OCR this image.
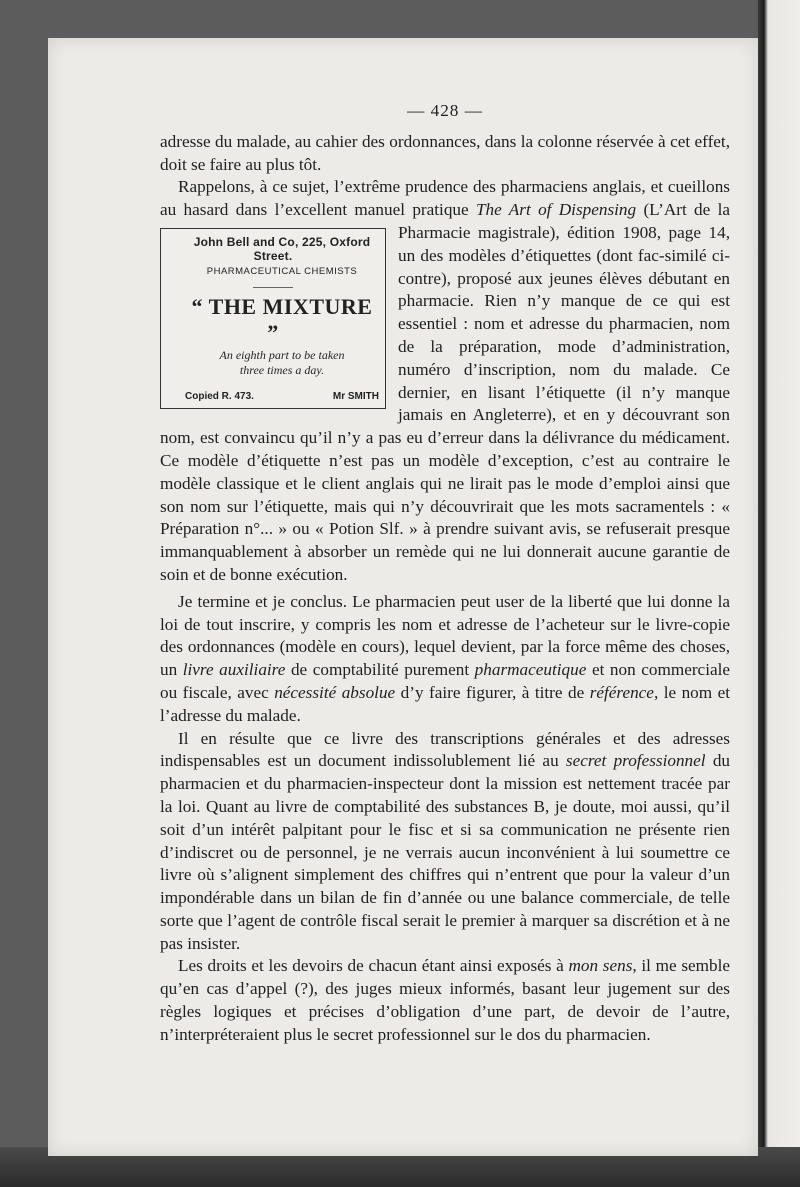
— 428 —

adresse du malade, au cahier des ordonnances, dans la colonne réservée à cet effet, doit se faire au plus tôt.

Rappelons, à ce sujet, l’extrême prudence des pharmaciens anglais, et cueillons au hasard dans l’excellent manuel pratique The Art of Dispensing
John Bell and Co, 225, Oxford Street.
PHARMACEUTICAL CHEMISTS
“ THE MIXTURE ”
An eighth part to be taken
three times a day.
Copied R. 473.	Mr SMITH
(L’Art de la Pharmacie magistrale), édition 1908, page 14, un des modèles d’étiquettes (dont fac-similé ci-contre), proposé aux jeunes élèves débutant en pharmacie. Rien n’y manque de ce qui est essentiel : nom et adresse du pharmacien, nom de la préparation, mode d’administration, numéro d’inscription, nom du malade. Ce dernier, en lisant l’étiquette (il n’y manque jamais en Angleterre), et en y découvrant son nom, est convaincu qu’il n’y a pas eu d’erreur dans la délivrance du médicament. Ce modèle d’étiquette n’est pas un modèle d’exception, c’est au contraire le modèle classique et le client anglais qui ne lirait pas le mode d’emploi ainsi que son nom sur l’étiquette, mais qui n’y découvrirait que les mots sacramentels : « Préparation n°... » ou « Potion Slf. » à prendre suivant avis, se refuserait presque immanquablement à absorber un remède qui ne lui donnerait aucune garantie de soin et de bonne exécution.

Je termine et je conclus. Le pharmacien peut user de la liberté que lui donne la loi de tout inscrire, y compris les nom et adresse de l’acheteur sur le livre-copie des ordonnances (modèle en cours), lequel devient, par la force même des choses, un livre auxiliaire de comptabilité purement pharmaceutique et non commerciale ou fiscale, avec nécessité absolue d’y faire figurer, à titre de référence, le nom et l’adresse du malade.

Il en résulte que ce livre des transcriptions générales et des adresses indispensables est un document indissolublement lié au secret professionnel du pharmacien et du pharmacien-inspecteur dont la mission est nettement tracée par la loi. Quant au livre de comptabilité des substances B, je doute, moi aussi, qu’il soit d’un intérêt palpitant pour le fisc et si sa communication ne présente rien d’indiscret ou de personnel, je ne verrais aucun inconvénient à lui soumettre ce livre où s’alignent simplement des chiffres qui n’entrent que pour la valeur d’un impondérable dans un bilan de fin d’année ou une balance commerciale, de telle sorte que l’agent de contrôle fiscal serait le premier à marquer sa discrétion et à ne pas insister.

Les droits et les devoirs de chacun étant ainsi exposés à mon sens, il me semble qu’en cas d’appel (?), des juges mieux informés, basant leur jugement sur des règles logiques et précises d’obligation d’une part, de devoir de l’autre, n’interpréteraient plus le secret professionnel sur le dos du pharmacien.
